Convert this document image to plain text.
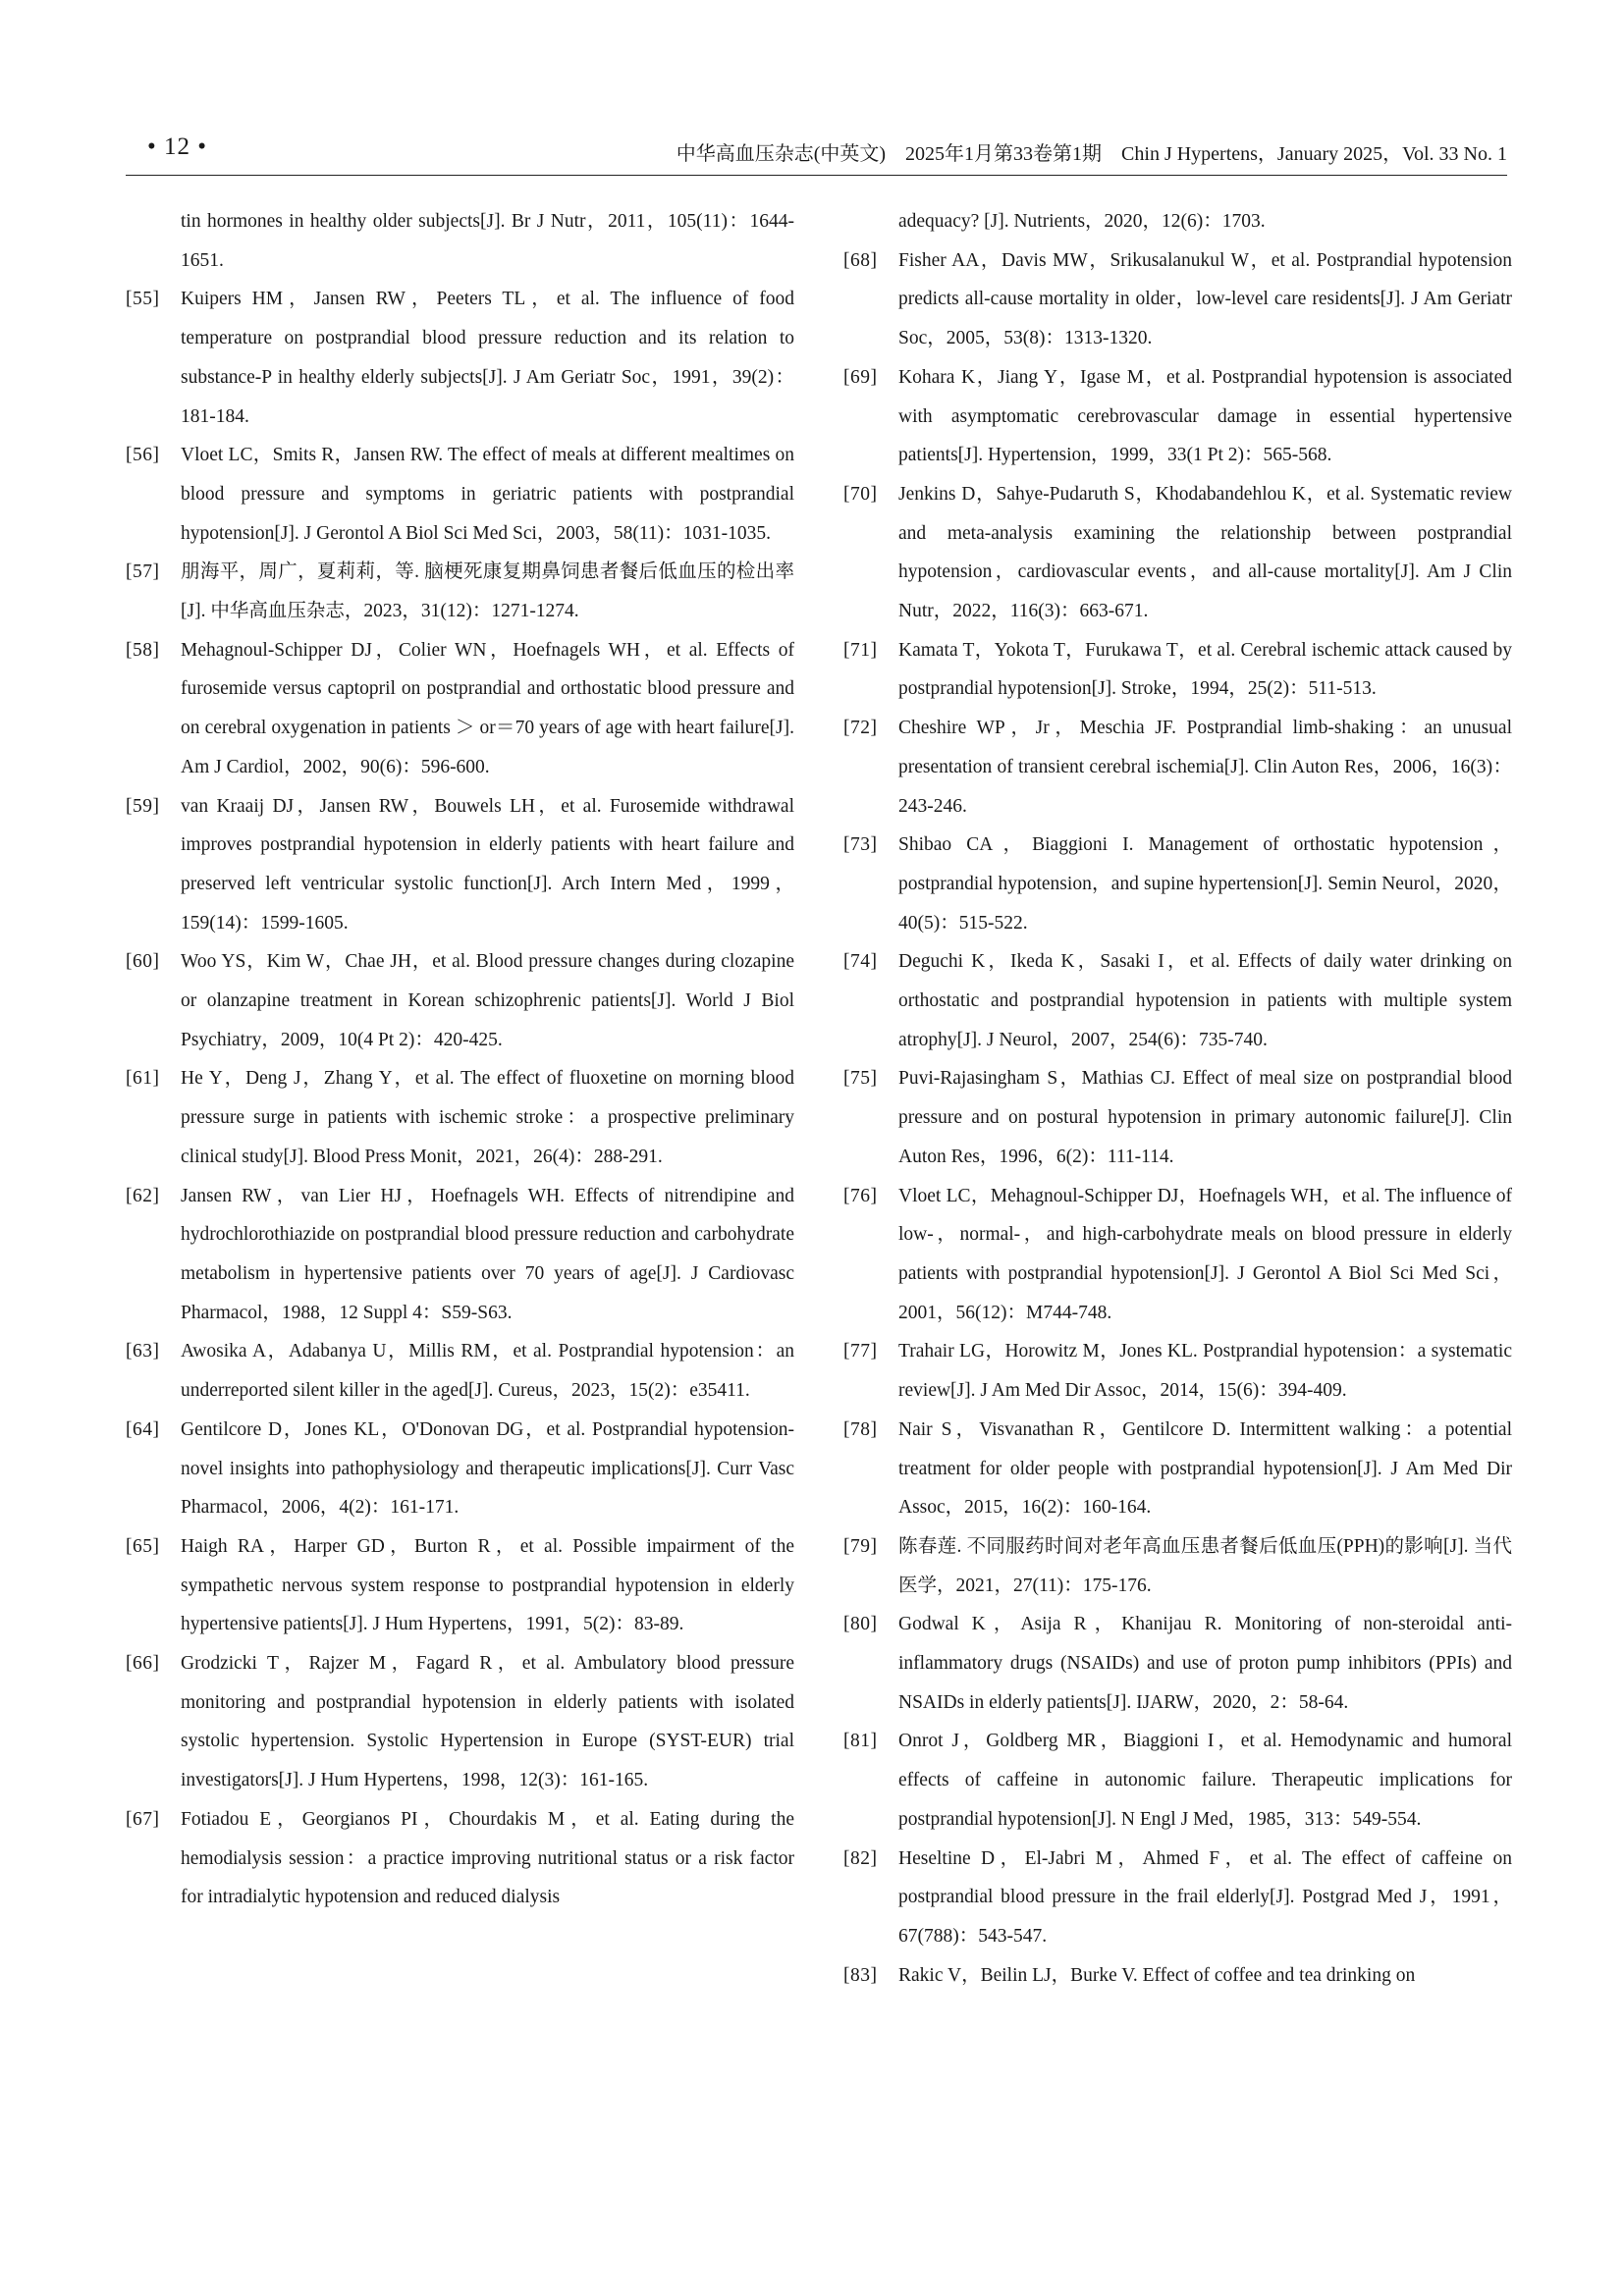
• 12 •	中华高血压杂志(中英文)　2025年1月第33卷第1期　Chin J Hypertens，January 2025，Vol. 33 No. 1
tin hormones in healthy older subjects[J]. Br J Nutr，2011，105(11)：1644-1651.
[55] Kuipers HM，Jansen RW，Peeters TL，et al. The influence of food temperature on postprandial blood pressure reduction and its relation to substance-P in healthy elderly subjects[J]. J Am Geriatr Soc，1991，39(2)：181-184.
[56] Vloet LC，Smits R，Jansen RW. The effect of meals at different mealtimes on blood pressure and symptoms in geriatric patients with postprandial hypotension[J]. J Gerontol A Biol Sci Med Sci，2003，58(11)：1031-1035.
[57] 朋海平，周广，夏莉莉，等. 脑梗死康复期鼻饲患者餐后低血压的检出率[J]. 中华高血压杂志，2023，31(12)：1271-1274.
[58] Mehagnoul-Schipper DJ，Colier WN，Hoefnagels WH，et al. Effects of furosemide versus captopril on postprandial and orthostatic blood pressure and on cerebral oxygenation in patients ＞ or＝70 years of age with heart failure[J]. Am J Cardiol，2002，90(6)：596-600.
[59] van Kraaij DJ，Jansen RW，Bouwels LH，et al. Furosemide withdrawal improves postprandial hypotension in elderly patients with heart failure and preserved left ventricular systolic function[J]. Arch Intern Med，1999，159(14)：1599-1605.
[60] Woo YS，Kim W，Chae JH，et al. Blood pressure changes during clozapine or olanzapine treatment in Korean schizophrenic patients[J]. World J Biol Psychiatry，2009，10(4 Pt 2)：420-425.
[61] He Y，Deng J，Zhang Y，et al. The effect of fluoxetine on morning blood pressure surge in patients with ischemic stroke：a prospective preliminary clinical study[J]. Blood Press Monit，2021，26(4)：288-291.
[62] Jansen RW，van Lier HJ，Hoefnagels WH. Effects of nitrendipine and hydrochlorothiazide on postprandial blood pressure reduction and carbohydrate metabolism in hypertensive patients over 70 years of age[J]. J Cardiovasc Pharmacol，1988，12 Suppl 4：S59-S63.
[63] Awosika A，Adabanya U，Millis RM，et al. Postprandial hypotension：an underreported silent killer in the aged[J]. Cureus，2023，15(2)：e35411.
[64] Gentilcore D，Jones KL，O'Donovan DG，et al. Postprandial hypotension-novel insights into pathophysiology and therapeutic implications[J]. Curr Vasc Pharmacol，2006，4(2)：161-171.
[65] Haigh RA，Harper GD，Burton R，et al. Possible impairment of the sympathetic nervous system response to postprandial hypotension in elderly hypertensive patients[J]. J Hum Hypertens，1991，5(2)：83-89.
[66] Grodzicki T，Rajzer M，Fagard R，et al. Ambulatory blood pressure monitoring and postprandial hypotension in elderly patients with isolated systolic hypertension. Systolic Hypertension in Europe (SYST-EUR) trial investigators[J]. J Hum Hypertens，1998，12(3)：161-165.
[67] Fotiadou E，Georgianos PI，Chourdakis M，et al. Eating during the hemodialysis session：a practice improving nutritional status or a risk factor for intradialytic hypotension and reduced dialysis
adequacy? [J]. Nutrients，2020，12(6)：1703.
[68] Fisher AA，Davis MW，Srikusalanukul W，et al. Postprandial hypotension predicts all-cause mortality in older，low-level care residents[J]. J Am Geriatr Soc，2005，53(8)：1313-1320.
[69] Kohara K，Jiang Y，Igase M，et al. Postprandial hypotension is associated with asymptomatic cerebrovascular damage in essential hypertensive patients[J]. Hypertension，1999，33(1 Pt 2)：565-568.
[70] Jenkins D，Sahye-Pudaruth S，Khodabandehlou K，et al. Systematic review and meta-analysis examining the relationship between postprandial hypotension，cardiovascular events，and all-cause mortality[J]. Am J Clin Nutr，2022，116(3)：663-671.
[71] Kamata T，Yokota T，Furukawa T，et al. Cerebral ischemic attack caused by postprandial hypotension[J]. Stroke，1994，25(2)：511-513.
[72] Cheshire WP，Jr，Meschia JF. Postprandial limb-shaking：an unusual presentation of transient cerebral ischemia[J]. Clin Auton Res，2006，16(3)：243-246.
[73] Shibao CA，Biaggioni I. Management of orthostatic hypotension，postprandial hypotension，and supine hypertension[J]. Semin Neurol，2020，40(5)：515-522.
[74] Deguchi K，Ikeda K，Sasaki I，et al. Effects of daily water drinking on orthostatic and postprandial hypotension in patients with multiple system atrophy[J]. J Neurol，2007，254(6)：735-740.
[75] Puvi-Rajasingham S，Mathias CJ. Effect of meal size on postprandial blood pressure and on postural hypotension in primary autonomic failure[J]. Clin Auton Res，1996，6(2)：111-114.
[76] Vloet LC，Mehagnoul-Schipper DJ，Hoefnagels WH，et al. The influence of low-，normal-，and high-carbohydrate meals on blood pressure in elderly patients with postprandial hypotension[J]. J Gerontol A Biol Sci Med Sci，2001，56(12)：M744-748.
[77] Trahair LG，Horowitz M，Jones KL. Postprandial hypotension：a systematic review[J]. J Am Med Dir Assoc，2014，15(6)：394-409.
[78] Nair S，Visvanathan R，Gentilcore D. Intermittent walking：a potential treatment for older people with postprandial hypotension[J]. J Am Med Dir Assoc，2015，16(2)：160-164.
[79] 陈春莲. 不同服药时间对老年高血压患者餐后低血压(PPH)的影响[J]. 当代医学，2021，27(11)：175-176.
[80] Godwal K，Asija R，Khanijau R. Monitoring of non-steroidal anti-inflammatory drugs (NSAIDs) and use of proton pump inhibitors (PPIs) and NSAIDs in elderly patients[J]. IJARW，2020，2：58-64.
[81] Onrot J，Goldberg MR，Biaggioni I，et al. Hemodynamic and humoral effects of caffeine in autonomic failure. Therapeutic implications for postprandial hypotension[J]. N Engl J Med，1985，313：549-554.
[82] Heseltine D，El-Jabri M，Ahmed F，et al. The effect of caffeine on postprandial blood pressure in the frail elderly[J]. Postgrad Med J，1991，67(788)：543-547.
[83] Rakic V，Beilin LJ，Burke V. Effect of coffee and tea drinking on
